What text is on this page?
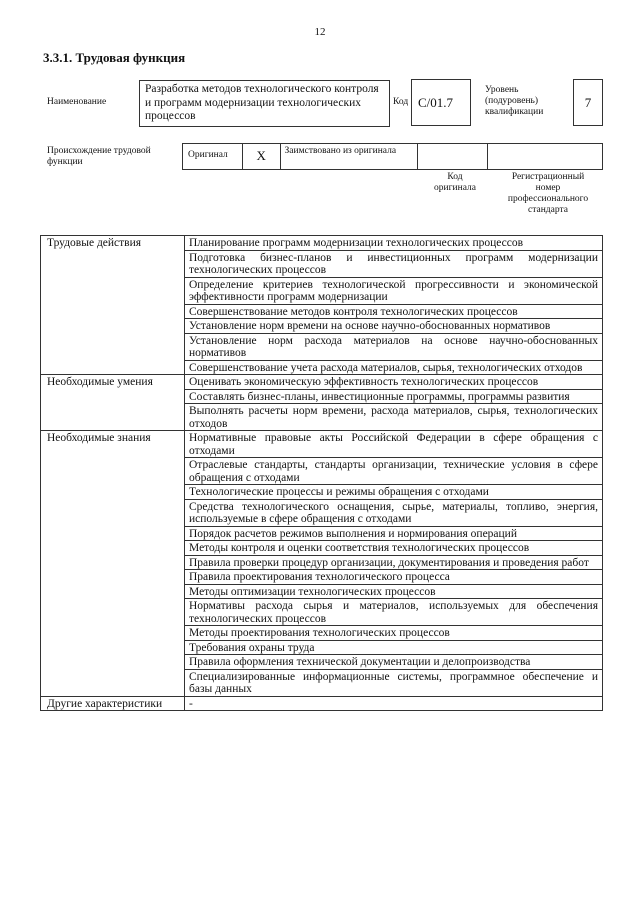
12
3.3.1. Трудовая функция
Наименование
Разработка методов технологического контроля и программ модернизации технологических процессов
Код C/01.7
Уровень
(подуровень)
квалификации
7
Происхождение трудовой
функции
Оригинал	X	Заимствовано из оригинала
Код
оригинала
Регистрационный
номер
профессионального
стандарта
Трудовые действия	Планирование программ модернизации технологических процессов
	Подготовка бизнес-планов и инвестиционных программ модернизации технологических процессов
	Определение критериев технологической прогрессивности и экономической эффективности программ модернизации
	Совершенствование методов контроля технологических процессов
	Установление норм времени на основе научно-обоснованных нормативов
	Установление норм расхода материалов на основе научно-обоснованных нормативов
	Совершенствование учета расхода материалов, сырья, технологических отходов
Необходимые умения	Оценивать экономическую эффективность технологических процессов
	Составлять бизнес-планы, инвестиционные программы, программы развития
	Выполнять расчеты норм времени, расхода материалов, сырья, технологических отходов
Необходимые знания	Нормативные правовые акты Российской Федерации в сфере обращения с отходами
	Отраслевые стандарты, стандарты организации, технические условия в сфере обращения с отходами
	Технологические процессы и режимы обращения с отходами
	Средства технологического оснащения, сырье, материалы, топливо, энергия, используемые в сфере обращения с отходами
	Порядок расчетов режимов выполнения и нормирования операций
	Методы контроля и оценки соответствия технологических процессов
	Правила проверки процедур организации, документирования и проведения работ
	Правила проектирования технологического процесса
	Методы оптимизации технологических процессов
	Нормативы расхода сырья и материалов, используемых для обеспечения технологических процессов
	Методы проектирования технологических процессов
	Требования охраны труда
	Правила оформления технической документации и делопроизводства
	Специализированные информационные системы, программное обеспечение и базы данных
Другие характеристики	-
